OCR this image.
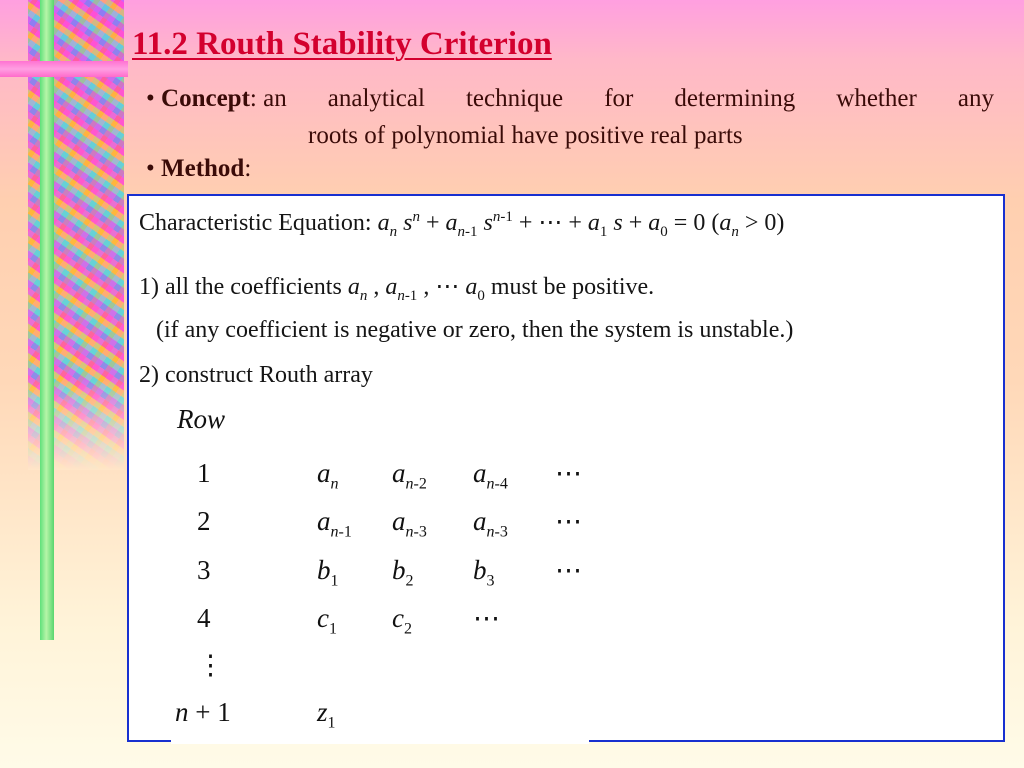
11.2 Routh Stability Criterion
• Concept: an analytical technique for determining whether any
roots of polynomial have positive real parts
• Method:
Characteristic Equation: $a_n$ $s^n + a_{n-1}$ $s^{n-1}$ + ⋯ + $a_1$ $s + a_0 = 0$ $(a_n > 0)$
1) all the coefficients $a_n$ , $a_{n-1}$ , ⋯ $a_0$ must be positive.
(if any coefficient is negative or zero, then the system is unstable.)
2) construct Routh array
Row
1	$a_n$ $a_{n-2}$ $a_{n-4}$ ⋯
2	$a_{n-1}$ $a_{n-3}$ $a_{n-3}$ ⋯
3	$b_1$ $b_2$ $b_3$ ⋯
4	$c_1$ $c_2$ ⋯
⋮
n + 1	$z_1$
